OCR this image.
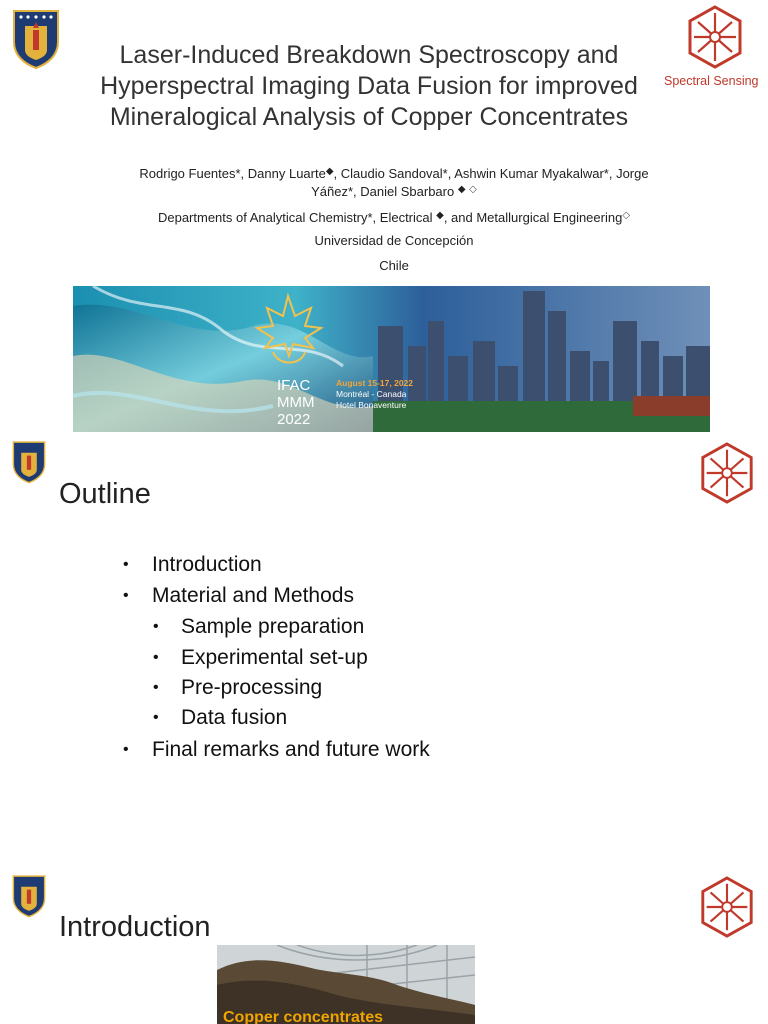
Laser-Induced Breakdown Spectroscopy and
Hyperspectral Imaging Data Fusion for improved
Mineralogical Analysis of Copper Concentrates
Spectral Sensing
Rodrigo Fuentes*, Danny Luarte◆, Claudio Sandoval*, Ashwin Kumar Myakalwar*, Jorge
Yáñez*, Daniel Sbarbaro ◆ ◇
Departments of Analytical Chemistry*, Electrical ◆, and Metallurgical Engineering◇
Universidad de Concepción
Chile
IFAC
MMM
2022
August 15-17, 2022
Montréal - Canada
Hotel Bonaventure
Outline
• Introduction
• Material and Methods
• Sample preparation
• Experimental set-up
• Pre-processing
• Data fusion
• Final remarks and future work
Introduction
Copper concentrates
